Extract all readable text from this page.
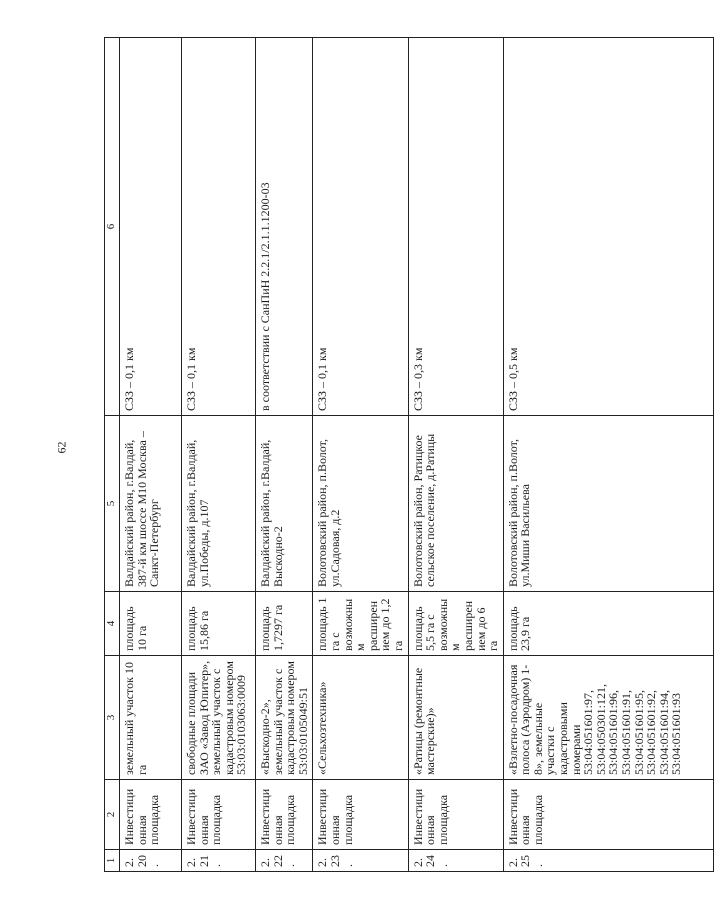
62
1	2	3	4	5	6
2.20.	Инвестиционная площадка	земельный участок 10 га	площадь 10 га	Валдайский район, г.Валдай, 387-й км шоссе М10 Москва – Санкт-Петербург	СЗЗ – 0,1 км
2.21.	Инвестиционная площадка	свободные площади ЗАО «Завод Юпитер», земельный участок с кадастровым номером 53:03:0103063:0009	площадь 15,86 га	Валдайский район, г.Валдай, ул.Победы, д.107	СЗЗ – 0,1 км
2.22.	Инвестиционная площадка	«Выскодно-2», земельный участок с кадастровым номером 53:03:0105049:51	площадь 1,7297 га	Валдайский район, г.Валдай, Выскодно-2	в соответствии с СанПиН 2.2.1/2.1.1.1200-03
2.23.	Инвестиционная площадка	«Сельхозтехника»	площадь 1 га с возможным расширением до 1,2 га	Волотовский район, п.Волот, ул.Садовая, д.2	СЗЗ – 0,1 км
2.24.	Инвестиционная площадка	«Ратицы (ремонтные мастерские)»	площадь 5,5 га с возможным расширением до 6 га	Волотовский район, Ратицкое сельское поселение, д.Ратицы	СЗЗ – 0,3 км
2.25.	Инвестиционная площадка	«Взлетно-посадочная полоса (Аэродром) 1-8», земельные участки с кадастровыми номерами 53:04:051601:97, 53:04:050301:121, 53:04:051601:96, 53:04:051601:91, 53:04:051601:95, 53:04:051601:92, 53:04:051601:94, 53:04:051601:93	площадь 23,9 га	Волотовский район, п.Волот, ул.Миши Васильева	СЗЗ – 0,5 км
